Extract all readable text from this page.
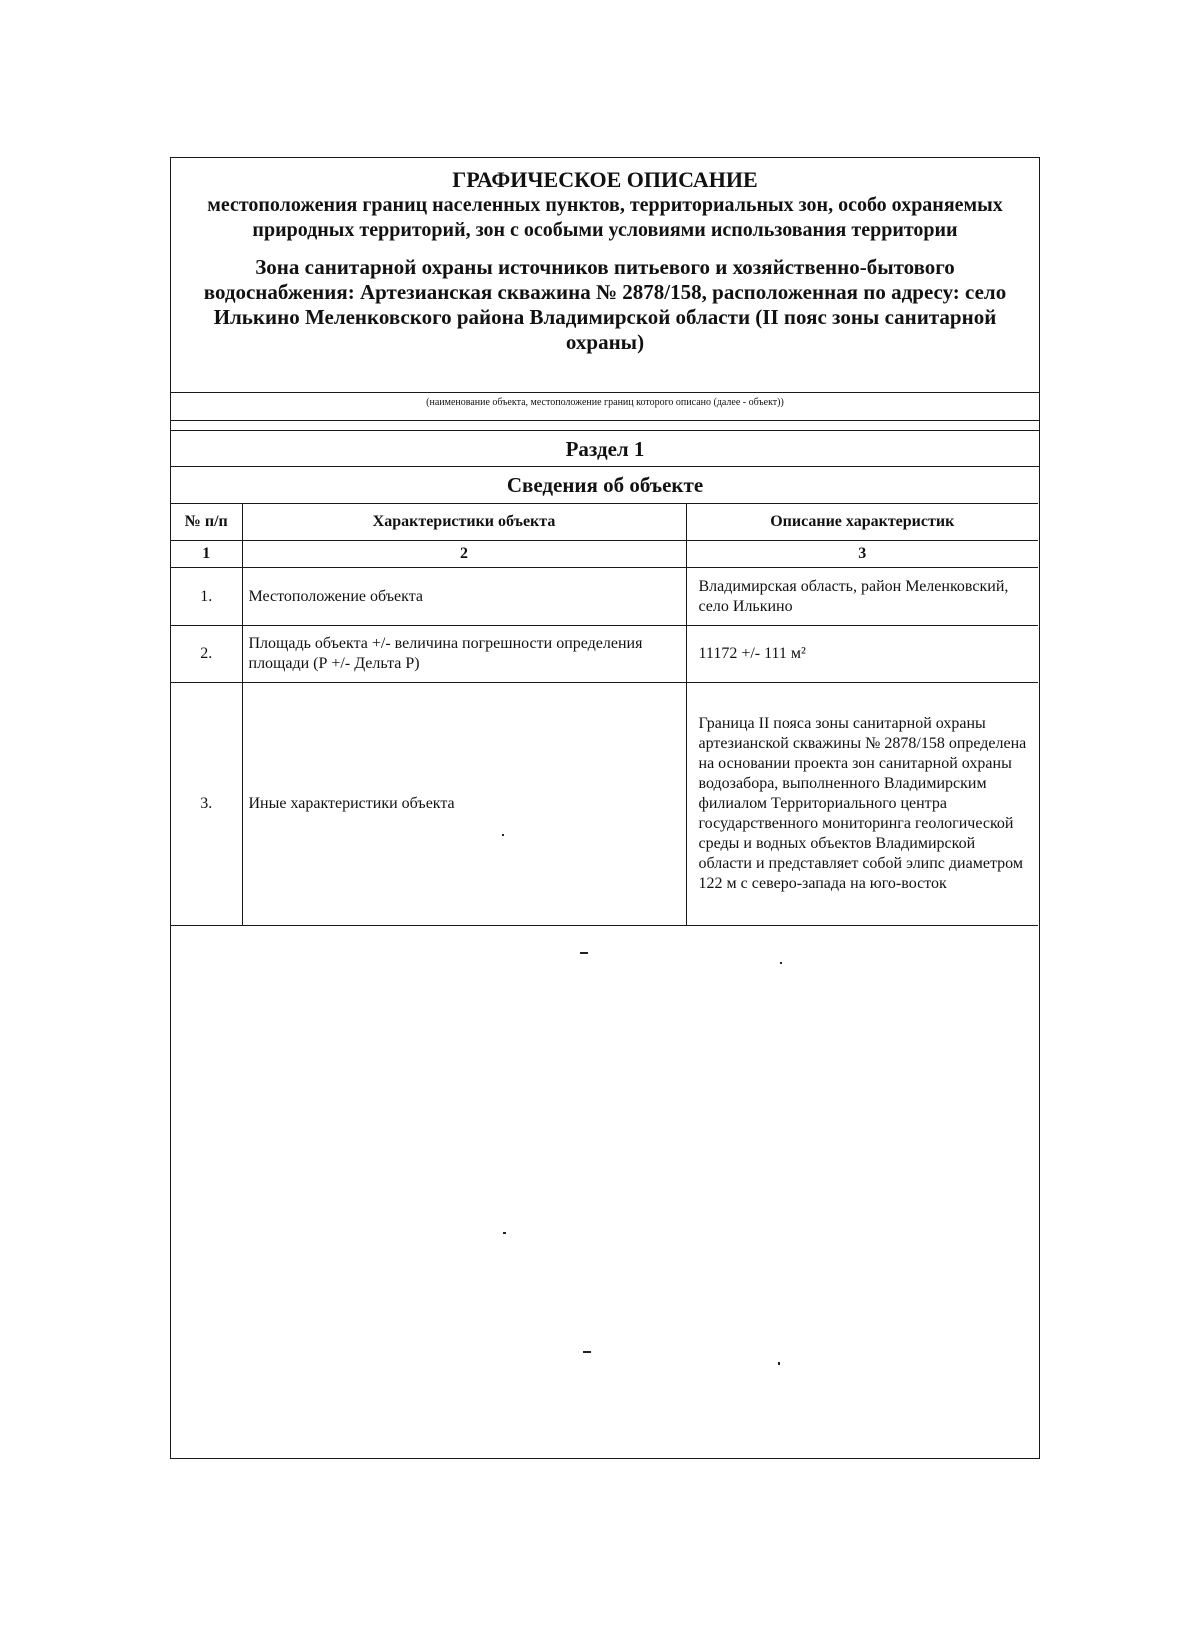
ГРАФИЧЕСКОЕ ОПИСАНИЕ
местоположения границ населенных пунктов, территориальных зон, особо охраняемых природных территорий, зон с особыми условиями использования территории
Зона санитарной охраны источников питьевого и хозяйственно-бытового водоснабжения: Артезианская скважина № 2878/158, расположенная по адресу: село Илькино Меленковского района Владимирской области (II пояс зоны санитарной охраны)
(наименование объекта, местоположение границ которого описано (далее - объект))
Раздел 1
Сведения об объекте
№ п/п	Характеристики объекта	Описание характеристик
1	2	3
1.	Местоположение объекта	Владимирская область, район Меленковский, село Илькино
2.	Площадь объекта +/- величина погрешности определения площади (Р +/- Дельта Р)	11172 +/- 111 м²
3.	Иные характеристики объекта	Граница II пояса зоны санитарной охраны артезианской скважины № 2878/158 определена на основании проекта зон санитарной охраны водозабора, выполненного Владимирским филиалом Территориального центра государственного мониторинга геологической среды и водных объектов Владимирской области и представляет собой элипс диаметром 122 м с северо-запада на юго-восток
